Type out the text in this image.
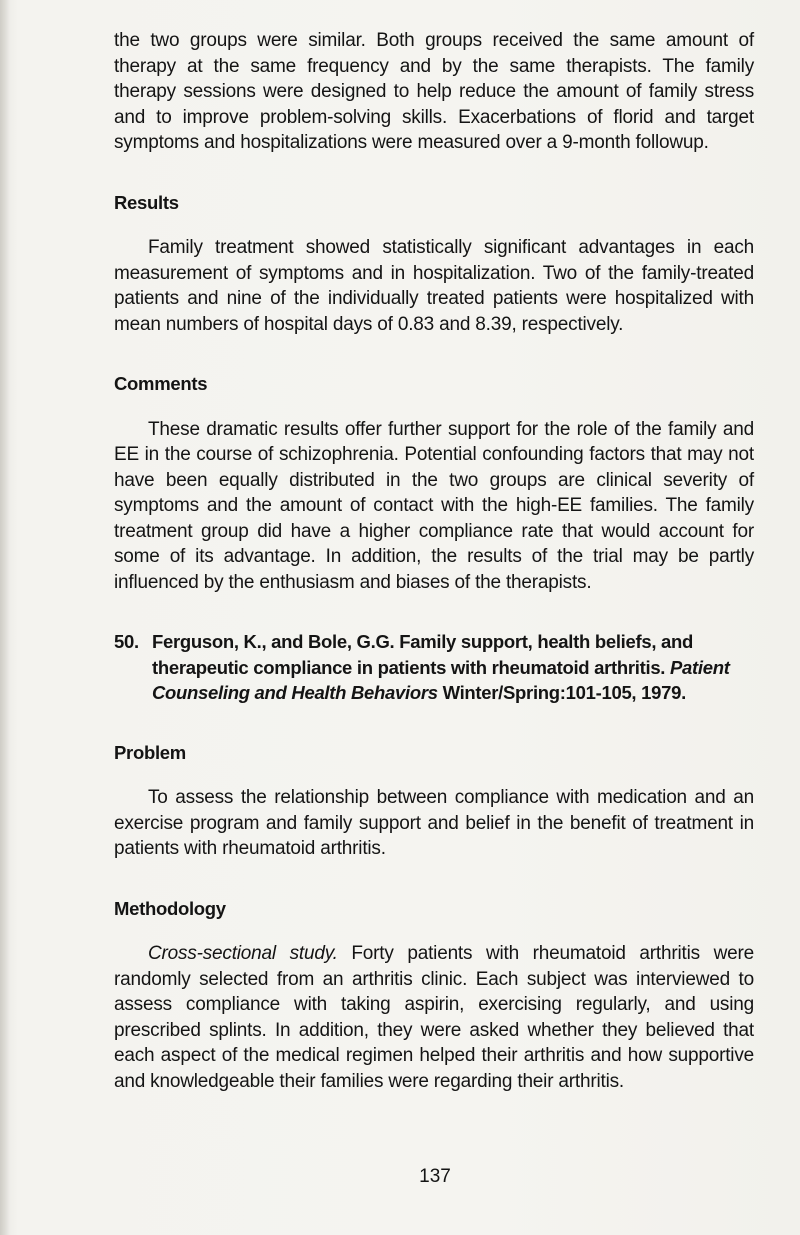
the two groups were similar. Both groups received the same amount of therapy at the same frequency and by the same therapists. The family therapy sessions were designed to help reduce the amount of family stress and to improve problem-solving skills. Exacerbations of florid and target symptoms and hospitalizations were measured over a 9-month followup.

Results

Family treatment showed statistically significant advantages in each measurement of symptoms and in hospitalization. Two of the family-treated patients and nine of the individually treated patients were hospitalized with mean numbers of hospital days of 0.83 and 8.39, respectively.

Comments

These dramatic results offer further support for the role of the family and EE in the course of schizophrenia. Potential confounding factors that may not have been equally distributed in the two groups are clinical severity of symptoms and the amount of contact with the high-EE families. The family treatment group did have a higher compliance rate that would account for some of its advantage. In addition, the results of the trial may be partly influenced by the enthusiasm and biases of the therapists.

50. Ferguson, K., and Bole, G.G. Family support, health beliefs, and therapeutic compliance in patients with rheumatoid arthritis. Patient Counseling and Health Behaviors Winter/Spring:101-105, 1979.
Problem

To assess the relationship between compliance with medication and an exercise program and family support and belief in the benefit of treatment in patients with rheumatoid arthritis.

Methodology

Cross-sectional study. Forty patients with rheumatoid arthritis were randomly selected from an arthritis clinic. Each subject was interviewed to assess compliance with taking aspirin, exercising regularly, and using prescribed splints. In addition, they were asked whether they believed that each aspect of the medical regimen helped their arthritis and how supportive and knowledgeable their families were regarding their arthritis.

137
